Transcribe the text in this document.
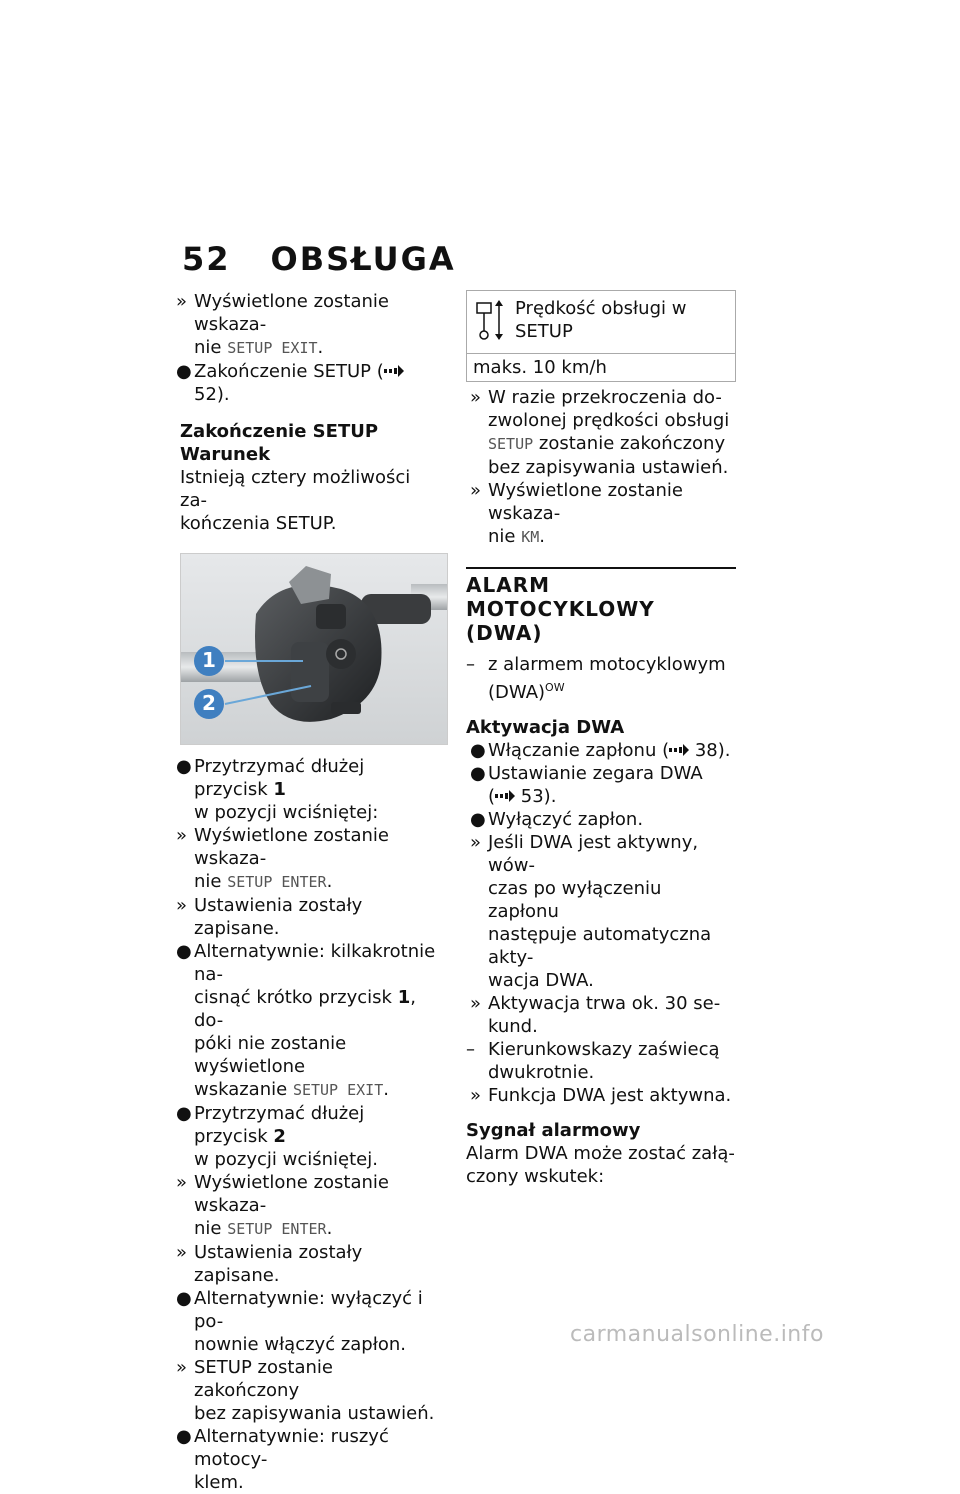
52 OBSŁUGA
» Wyświetlone zostanie wskaza-
nie SETUP EXIT.
● Zakończenie SETUP ( 52).
Zakończenie SETUP
Warunek
Istnieją cztery możliwości za-
kończenia SETUP.
1
2
● Przytrzymać dłużej przycisk 1
w pozycji wciśniętej:
» Wyświetlone zostanie wskaza-
nie SETUP ENTER.
» Ustawienia zostały zapisane.
● Alternatywnie: kilkakrotnie na-
cisnąć krótko przycisk 1, do-
póki nie zostanie wyświetlone
wskazanie SETUP EXIT.
● Przytrzymać dłużej przycisk 2
w pozycji wciśniętej.
» Wyświetlone zostanie wskaza-
nie SETUP ENTER.
» Ustawienia zostały zapisane.
● Alternatywnie: wyłączyć i po-
nownie włączyć zapłon.
» SETUP zostanie zakończony
bez zapisywania ustawień.
● Alternatywnie: ruszyć motocy-
klem.
Prędkość obsługi w
SETUP
maks. 10 km/h
» W razie przekroczenia do-
zwolonej prędkości obsługi
SETUP zostanie zakończony
bez zapisywania ustawień.
» Wyświetlone zostanie wskaza-
nie KM.
ALARM MOTOCYKLOWY
(DWA)
– z alarmem motocyklowym (DWA)$^{OW}$
Aktywacja DWA
● Włączanie zapłonu ( 38).
● Ustawianie zegara DWA
( 53).
● Wyłączyć zapłon.
» Jeśli DWA jest aktywny, wów-
czas po wyłączeniu zapłonu
następuje automatyczna akty-
wacja DWA.
» Aktywacja trwa ok. 30 se-
kund.
– Kierunkowskazy zaświecą dwukrotnie.
» Funkcja DWA jest aktywna.
Sygnał alarmowy
Alarm DWA może zostać załą-
czony wskutek:
carmanualsonline.info
